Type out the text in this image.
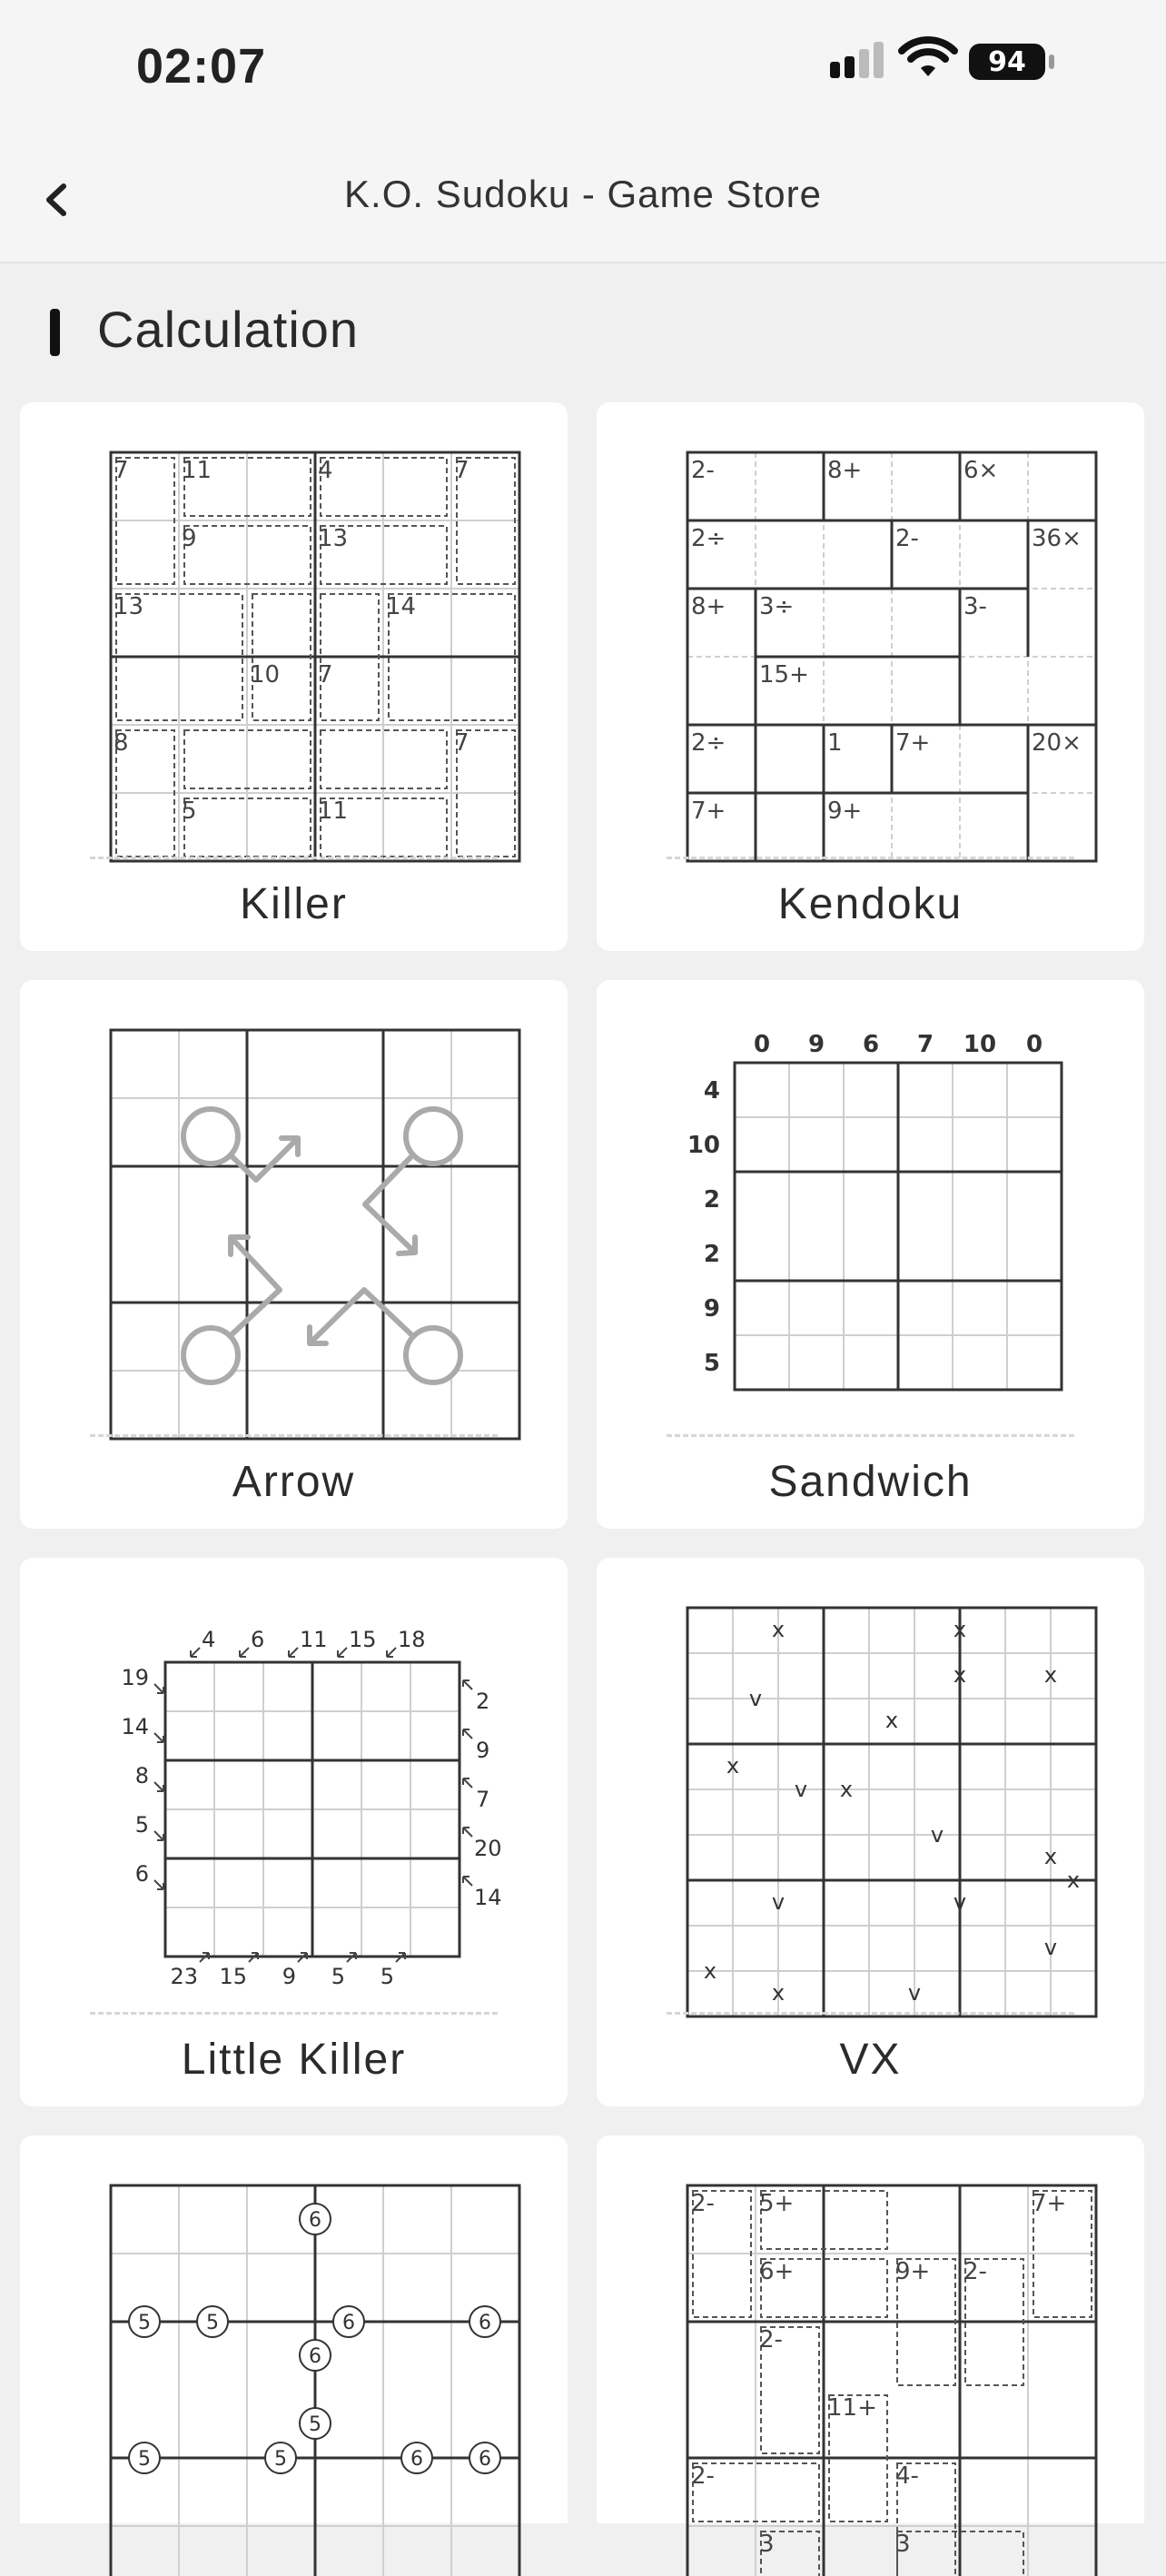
02:07	94
K.O. Sudoku - Game Store
Calculation
7 11	4	7
9	13
13	14
10 7
8	7
5	11
Killer
2-	8+	6×
2÷	2-	36×
8+ 3÷	3-
15+
2÷	1 7+	20×
7+	9+
Kendoku
Arrow
0 9 6 7 10 0
4
10
2
2
9
5
Sandwich
4 6 11 15 18
19
14
8
5
6
2
9
7
20
14
23 15 9 5 5
Little Killer
x	x
x	x
v
x
x
v x
v
x
x
v	v
x
v
x	v
VX
6
5	5	6	6
6
5
5	5	6	6
2- 5+	7+
6+	9+ 2-
2-
11+
2-	4-
3	3
